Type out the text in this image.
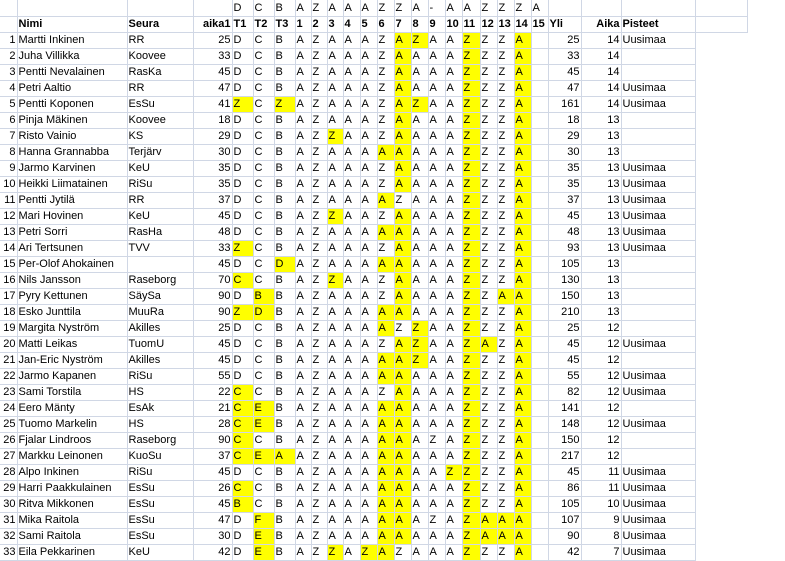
				D	C	B	A	Z	A	A	A	Z	Z	A	-	A	A	Z	Z	Z	A				
	Nimi	Seura	aika1	T1	T2	T3	1	2	3	4	5	6	7	8	9	10	11	12	13	14	15	Yli	Aika	Pisteet	
1	Martti Inkinen	RR	25	D	C	B	A	Z	A	A	A	Z	A	Z	A	A	Z	Z	Z	A		25	14	Uusimaa	
2	Juha Villikka	Koovee	33	D	C	B	A	Z	A	A	A	Z	A	A	A	A	Z	Z	Z	A		33	14		
3	Pentti Nevalainen	RasKa	45	D	C	B	A	Z	A	A	A	Z	A	A	A	A	Z	Z	Z	A		45	14		
4	Petri Aaltio	RR	47	D	C	B	A	Z	A	A	A	Z	A	A	A	A	Z	Z	Z	A		47	14	Uusimaa	
5	Pentti Koponen	EsSu	41	Z	C	Z	A	Z	A	A	A	Z	A	Z	A	A	Z	Z	Z	A		161	14	Uusimaa	
6	Pinja Mäkinen	Koovee	18	D	C	B	A	Z	A	A	A	Z	A	A	A	A	Z	Z	Z	A		18	13		
7	Risto Vainio	KS	29	D	C	B	A	Z	Z	A	A	Z	A	A	A	A	Z	Z	Z	A		29	13		
8	Hanna Grannabba	Terjärv	30	D	C	B	A	Z	A	A	A	A	A	A	A	A	Z	Z	Z	A		30	13		
9	Jarmo Karvinen	KeU	35	D	C	B	A	Z	A	A	A	Z	A	A	A	A	Z	Z	Z	A		35	13	Uusimaa	
10	Heikki Liimatainen	RiSu	35	D	C	B	A	Z	A	A	A	Z	A	A	A	A	Z	Z	Z	A		35	13	Uusimaa	
11	Pentti Jytilä	RR	37	D	C	B	A	Z	A	A	A	A	Z	A	A	A	Z	Z	Z	A		37	13	Uusimaa	
12	Mari Hovinen	KeU	45	D	C	B	A	Z	Z	A	A	Z	A	A	A	A	Z	Z	Z	A		45	13	Uusimaa	
13	Petri Sorri	RasHa	48	D	C	B	A	Z	A	A	A	A	A	A	A	A	Z	Z	Z	A		48	13	Uusimaa	
14	Ari Tertsunen	TVV	33	Z	C	B	A	Z	A	A	A	Z	A	A	A	A	Z	Z	Z	A		93	13	Uusimaa	
15	Per-Olof Ahokainen		45	D	C	D	A	Z	A	A	A	A	A	A	A	A	Z	Z	Z	A		105	13		
16	Nils Jansson	Raseborg	70	C	C	B	A	Z	Z	A	A	Z	A	A	A	A	Z	Z	Z	A		130	13		
17	Pyry Kettunen	SäySa	90	D	B	B	A	Z	A	A	A	Z	A	A	A	A	Z	Z	A	A		150	13		
18	Esko Junttila	MuuRa	90	Z	D	B	A	Z	A	A	A	A	A	A	A	A	Z	Z	Z	A		210	13		
19	Margita Nyström	Akilles	25	D	C	B	A	Z	A	A	A	A	Z	Z	A	A	Z	Z	Z	A		25	12		
20	Matti Leikas	TuomU	45	D	C	B	A	Z	A	A	A	Z	A	Z	A	A	Z	A	Z	A		45	12	Uusimaa	
21	Jan-Eric Nyström	Akilles	45	D	C	B	A	Z	A	A	A	A	A	Z	A	A	Z	Z	Z	A		45	12		
22	Jarmo Kapanen	RiSu	55	D	C	B	A	Z	A	A	A	A	A	A	A	A	Z	Z	Z	A		55	12	Uusimaa	
23	Sami Torstila	HS	22	C	C	B	A	Z	A	A	A	Z	A	A	A	A	Z	Z	Z	A		82	12	Uusimaa	
24	Eero Mänty	EsAk	21	C	E	B	A	Z	A	A	A	A	A	A	A	A	Z	Z	Z	A		141	12		
25	Tuomo Markelin	HS	28	C	E	B	A	Z	A	A	A	A	A	A	A	A	Z	Z	Z	A		148	12	Uusimaa	
26	Fjalar Lindroos	Raseborg	90	C	C	B	A	Z	A	A	A	A	A	A	Z	A	Z	Z	Z	A		150	12		
27	Markku Leinonen	KuoSu	37	C	E	A	A	Z	A	A	A	A	A	A	A	A	Z	Z	Z	A		217	12		
28	Alpo Inkinen	RiSu	45	D	C	B	A	Z	A	A	A	A	A	A	A	Z	Z	Z	Z	A		45	11	Uusimaa	
29	Harri Paakkulainen	EsSu	26	C	C	B	A	Z	A	A	A	A	A	A	A	A	Z	Z	Z	A		86	11	Uusimaa	
30	Ritva Mikkonen	EsSu	45	B	C	B	A	Z	A	A	A	A	A	A	A	A	Z	Z	Z	A		105	10	Uusimaa	
31	Mika Raitola	EsSu	47	D	F	B	A	Z	A	A	A	A	A	A	Z	A	Z	A	A	A		107	9	Uusimaa	
32	Sami Raitola	EsSu	30	D	E	B	A	Z	A	A	A	A	A	A	A	A	Z	A	A	A		90	8	Uusimaa	
33	Eila Pekkarinen	KeU	42	D	E	B	A	Z	Z	A	Z	A	Z	A	A	A	Z	Z	Z	A		42	7	Uusimaa	
